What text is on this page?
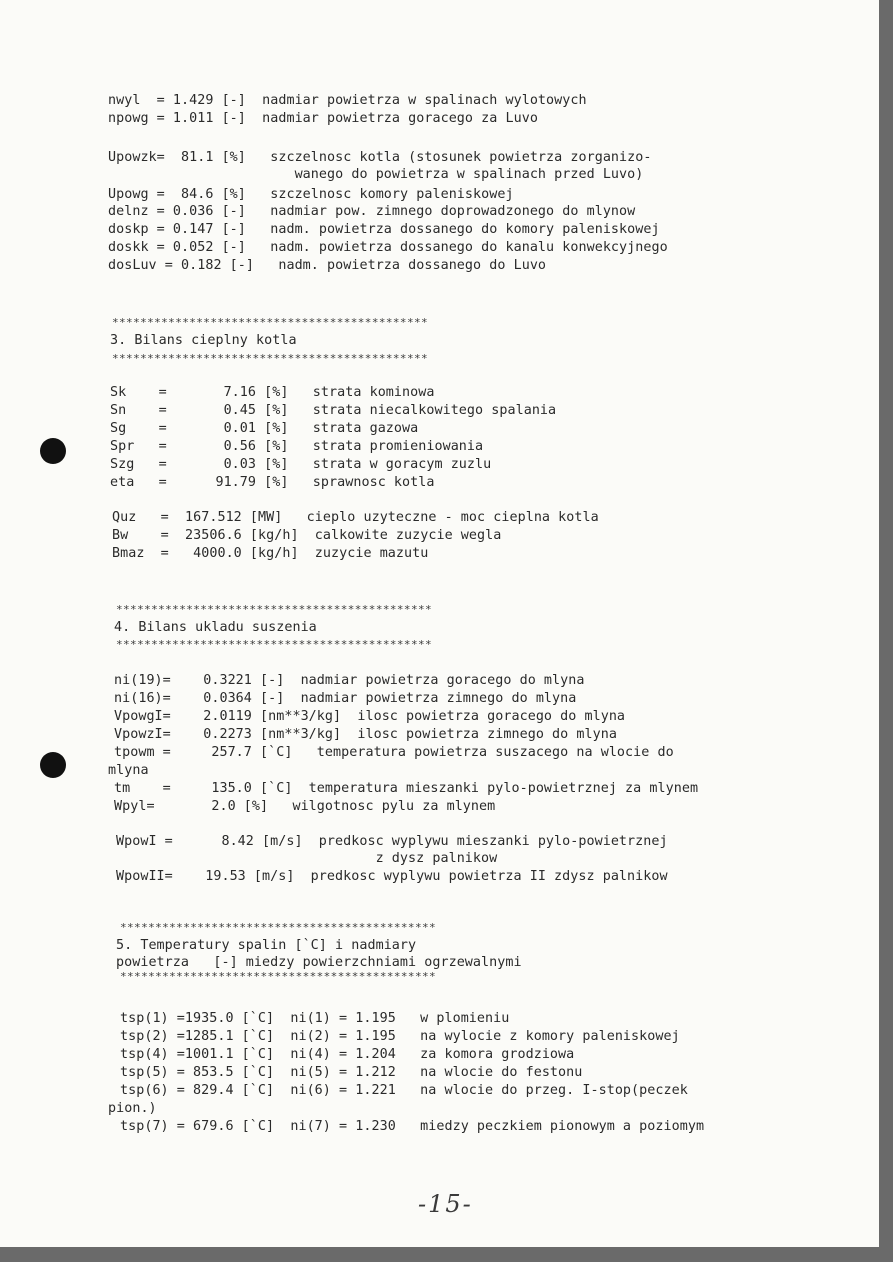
nwyl  = 1.429 [-]  nadmiar powietrza w spalinach wylotowych
npowg = 1.011 [-]  nadmiar powietrza goracego za Luvo
Upowzk=  81.1 [%]   szczelnosc kotla (stosunek powietrza zorganizo-
wanego do powietrza w spalinach przed Luvo)
Upowg =  84.6 [%]   szczelnosc komory paleniskowej
delnz = 0.036 [-]   nadmiar pow. zimnego doprowadzonego do mlynow
doskp = 0.147 [-]   nadm. powietrza dossanego do komory paleniskowej
doskk = 0.052 [-]   nadm. powietrza dossanego do kanalu konwekcyjnego
dosLuv = 0.182 [-]   nadm. powietrza dossanego do Luvo
*********************************************
3. Bilans cieplny kotla
*********************************************
Sk    =       7.16 [%]   strata kominowa
Sn    =       0.45 [%]   strata niecalkowitego spalania
Sg    =       0.01 [%]   strata gazowa
Spr   =       0.56 [%]   strata promieniowania
Szg   =       0.03 [%]   strata w goracym zuzlu
eta   =      91.79 [%]   sprawnosc kotla
Quz   =  167.512 [MW]   cieplo uzyteczne - moc cieplna kotla
Bw    =  23506.6 [kg/h]  calkowite zuzycie wegla
Bmaz  =   4000.0 [kg/h]  zuzycie mazutu
*********************************************
4. Bilans ukladu suszenia
*********************************************
ni(19)=    0.3221 [-]  nadmiar powietrza goracego do mlyna
ni(16)=    0.0364 [-]  nadmiar powietrza zimnego do mlyna
VpowgI=    2.0119 [nm**3/kg]  ilosc powietrza goracego do mlyna
VpowzI=    0.2273 [nm**3/kg]  ilosc powietrza zimnego do mlyna
tpowm =     257.7 [`C]   temperatura powietrza suszacego na wlocie do
mlyna
tm    =     135.0 [`C]  temperatura mieszanki pylo-powietrznej za mlynem
Wpyl=       2.0 [%]   wilgotnosc pylu za mlynem
WpowI =      8.42 [m/s]  predkosc wyplywu mieszanki pylo-powietrznej
z dysz palnikow
WpowII=    19.53 [m/s]  predkosc wyplywu powietrza II zdysz palnikow
*********************************************
5. Temperatury spalin [`C] i nadmiary
powietrza   [-] miedzy powierzchniami ogrzewalnymi
*********************************************
tsp(1) =1935.0 [`C]  ni(1) = 1.195   w plomieniu
tsp(2) =1285.1 [`C]  ni(2) = 1.195   na wylocie z komory paleniskowej
tsp(4) =1001.1 [`C]  ni(4) = 1.204   za komora grodziowa
tsp(5) = 853.5 [`C]  ni(5) = 1.212   na wlocie do festonu
tsp(6) = 829.4 [`C]  ni(6) = 1.221   na wlocie do przeg. I-stop(peczek
pion.)
tsp(7) = 679.6 [`C]  ni(7) = 1.230   miedzy peczkiem pionowym a poziomym
-15-
